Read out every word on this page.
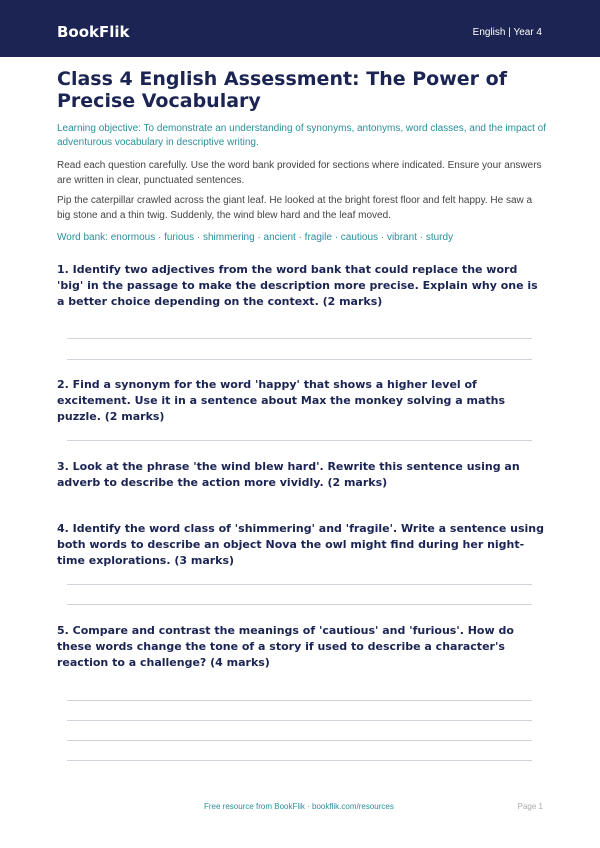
BookFlik	English | Year 4
Class 4 English Assessment: The Power of Precise Vocabulary

Learning objective: To demonstrate an understanding of synonyms, antonyms, word classes, and the impact of adventurous vocabulary in descriptive writing.

Read each question carefully. Use the word bank provided for sections where indicated. Ensure your answers are written in clear, punctuated sentences.

Pip the caterpillar crawled across the giant leaf. He looked at the bright forest floor and felt happy. He saw a big stone and a thin twig. Suddenly, the wind blew hard and the leaf moved.

Word bank: enormous · furious · shimmering · ancient · fragile · cautious · vibrant · sturdy

1. Identify two adjectives from the word bank that could replace the word 'big' in the passage to make the description more precise. Explain why one is a better choice depending on the context. (2 marks)

2. Find a synonym for the word 'happy' that shows a higher level of excitement. Use it in a sentence about Max the monkey solving a maths puzzle. (2 marks)

3. Look at the phrase 'the wind blew hard'. Rewrite this sentence using an adverb to describe the action more vividly. (2 marks)

4. Identify the word class of 'shimmering' and 'fragile'. Write a sentence using both words to describe an object Nova the owl might find during her night-time explorations. (3 marks)

5. Compare and contrast the meanings of 'cautious' and 'furious'. How do these words change the tone of a story if used to describe a character's reaction to a challenge? (4 marks)

Free resource from BookFlik · bookflik.com/resources	Page 1
